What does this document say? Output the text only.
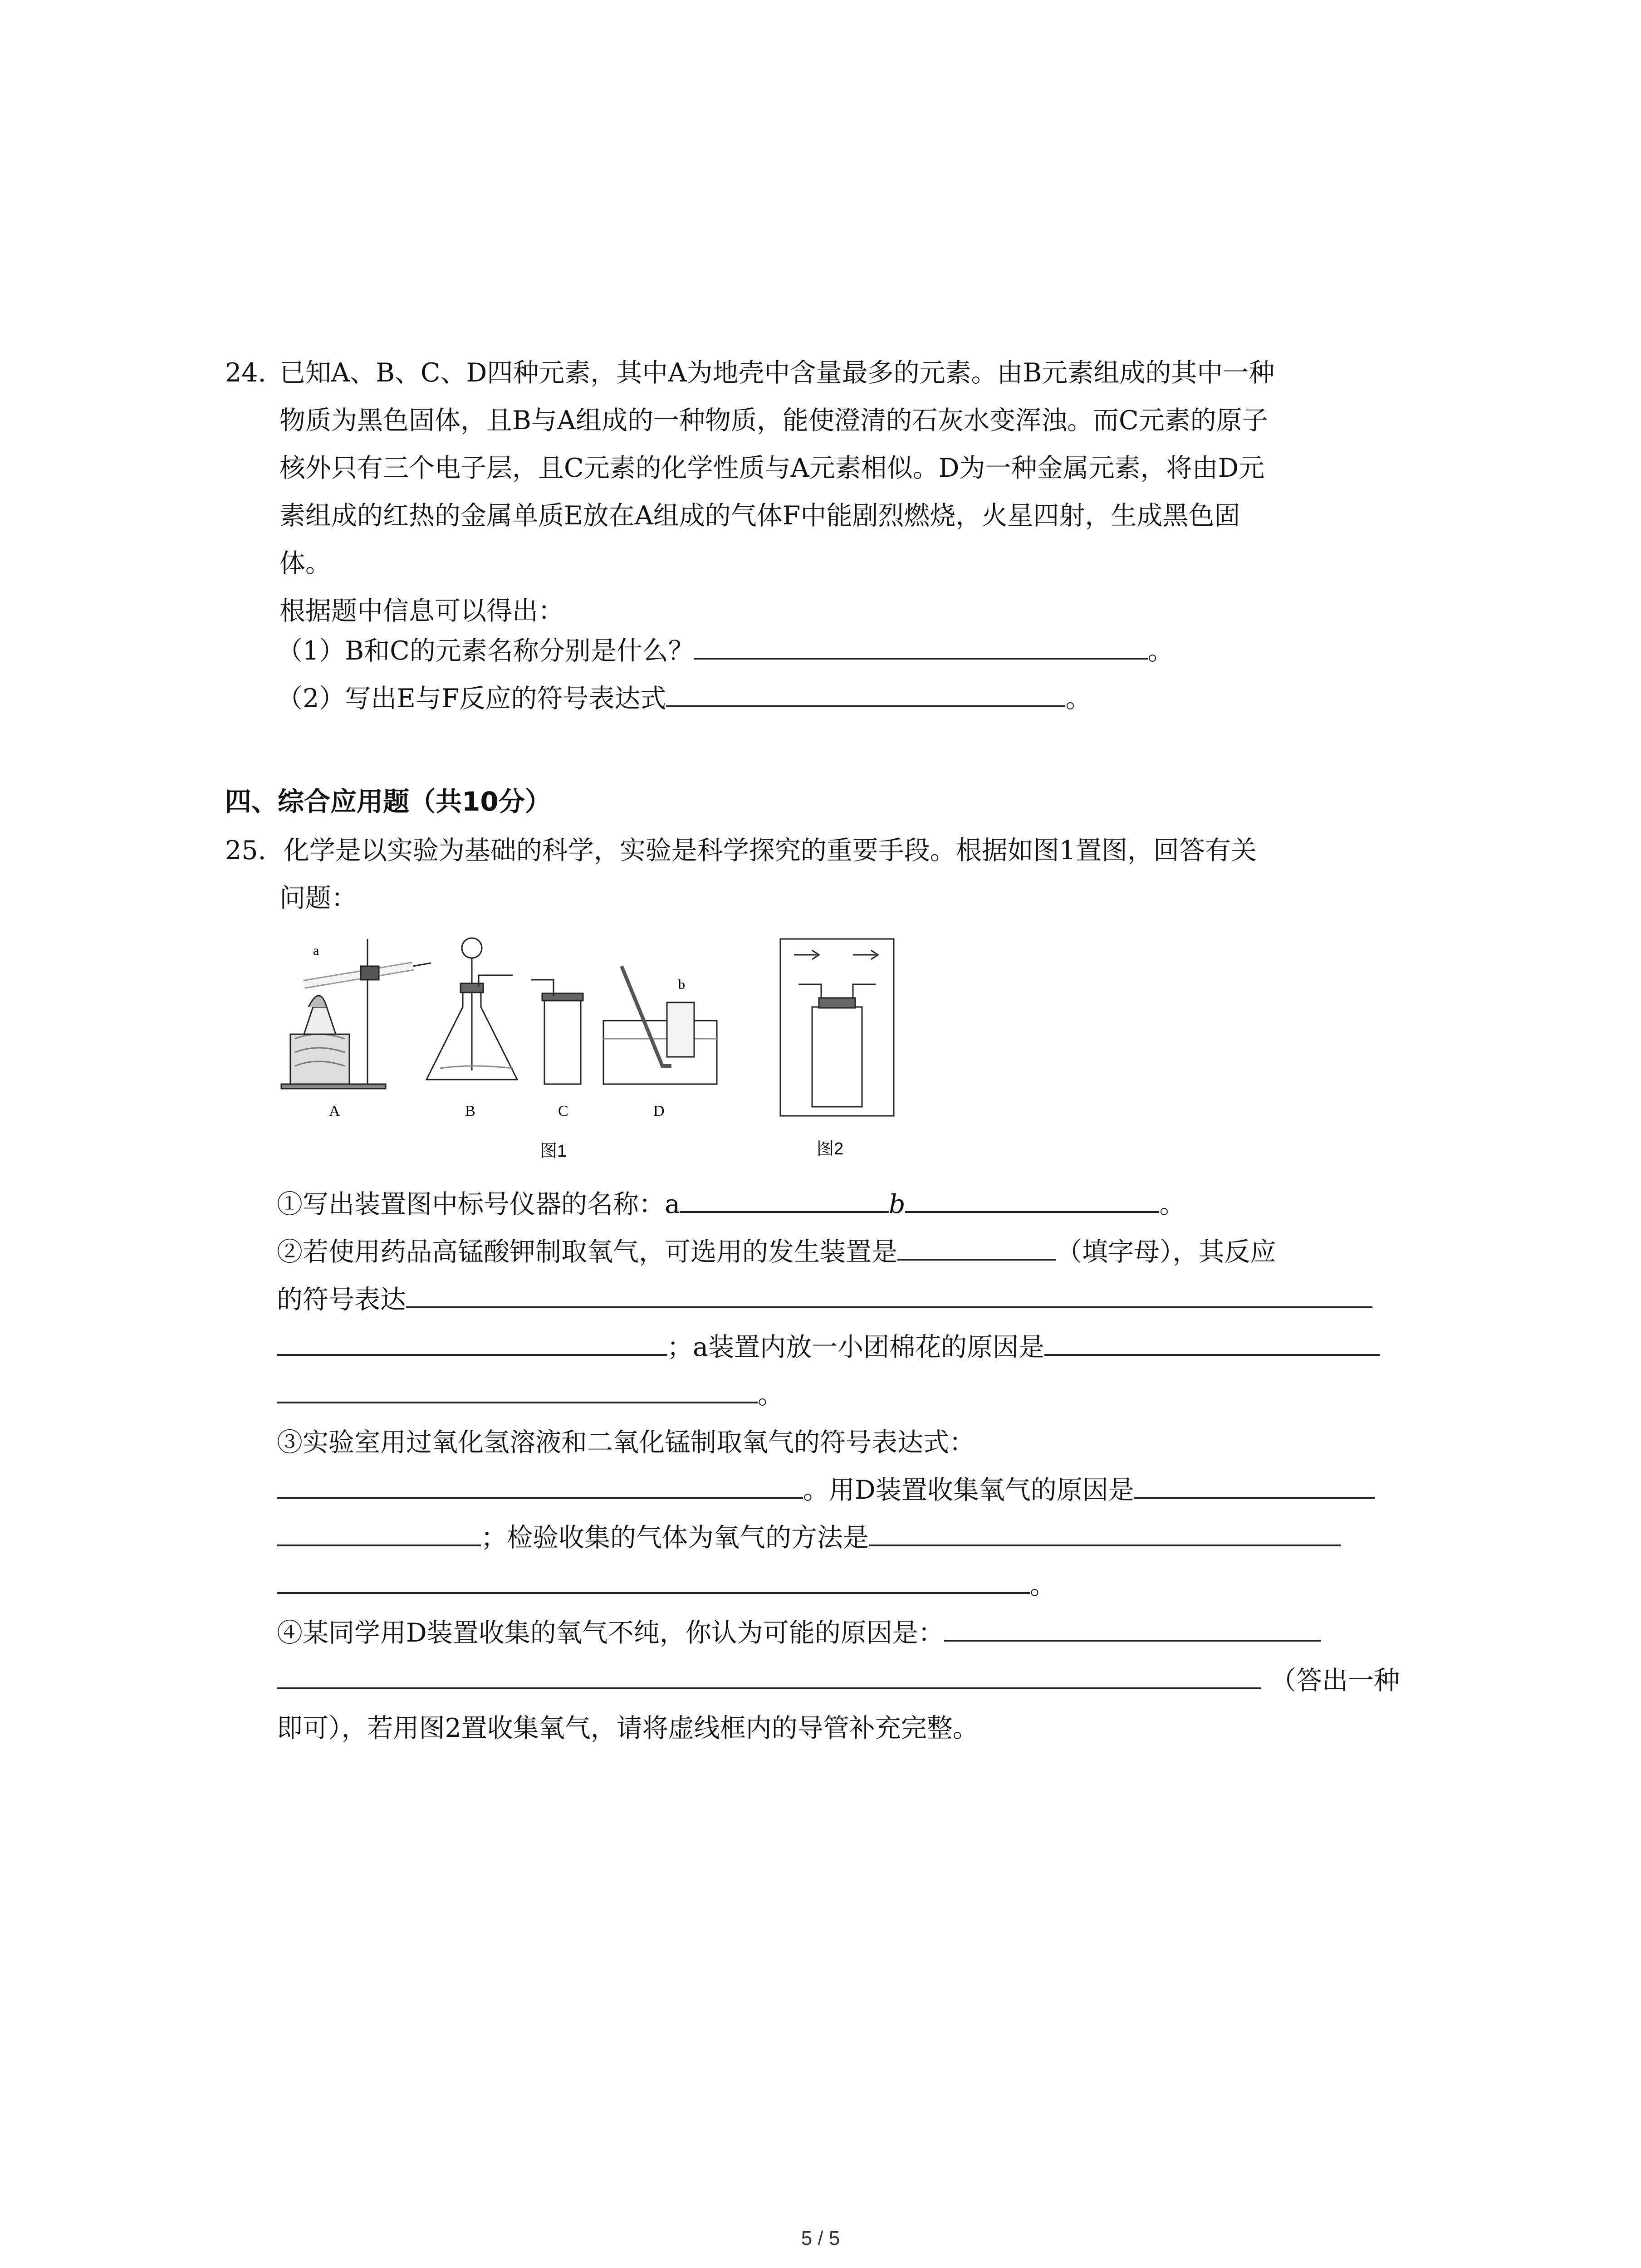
24. 已知A、B、C、D四种元素，其中A为地壳中含量最多的元素。由B元素组成的其中一种
物质为黑色固体，且B与A组成的一种物质，能使澄清的石灰水变浑浊。而C元素的原子
核外只有三个电子层，且C元素的化学性质与A元素相似。D为一种金属元素，将由D元
素组成的红热的金属单质E放在A组成的气体F中能剧烈燃烧，火星四射，生成黑色固
体。
根据题中信息可以得出：
（1）B和C的元素名称分别是什么？	。
（2）写出E与F反应的符号表达式	。
四、综合应用题（共10分）
25. 化学是以实验为基础的科学，实验是科学探究的重要手段。根据如图1置图，回答有关
问题：
a
A	B	C
b
D
图1	图2
①写出装置图中标号仪器的名称：a	b	。
②若使用药品高锰酸钾制取氧气，可选用的发生装置是	（填字母），其反应
的符号表达
；a装置内放一小团棉花的原因是
。
③实验室用过氧化氢溶液和二氧化锰制取氧气的符号表达式：
。用D装置收集氧气的原因是
；检验收集的气体为氧气的方法是
。
④某同学用D装置收集的氧气不纯，你认为可能的原因是：
（答出一种
即可），若用图2置收集氧气，请将虚线框内的导管补充完整。
5 / 5
